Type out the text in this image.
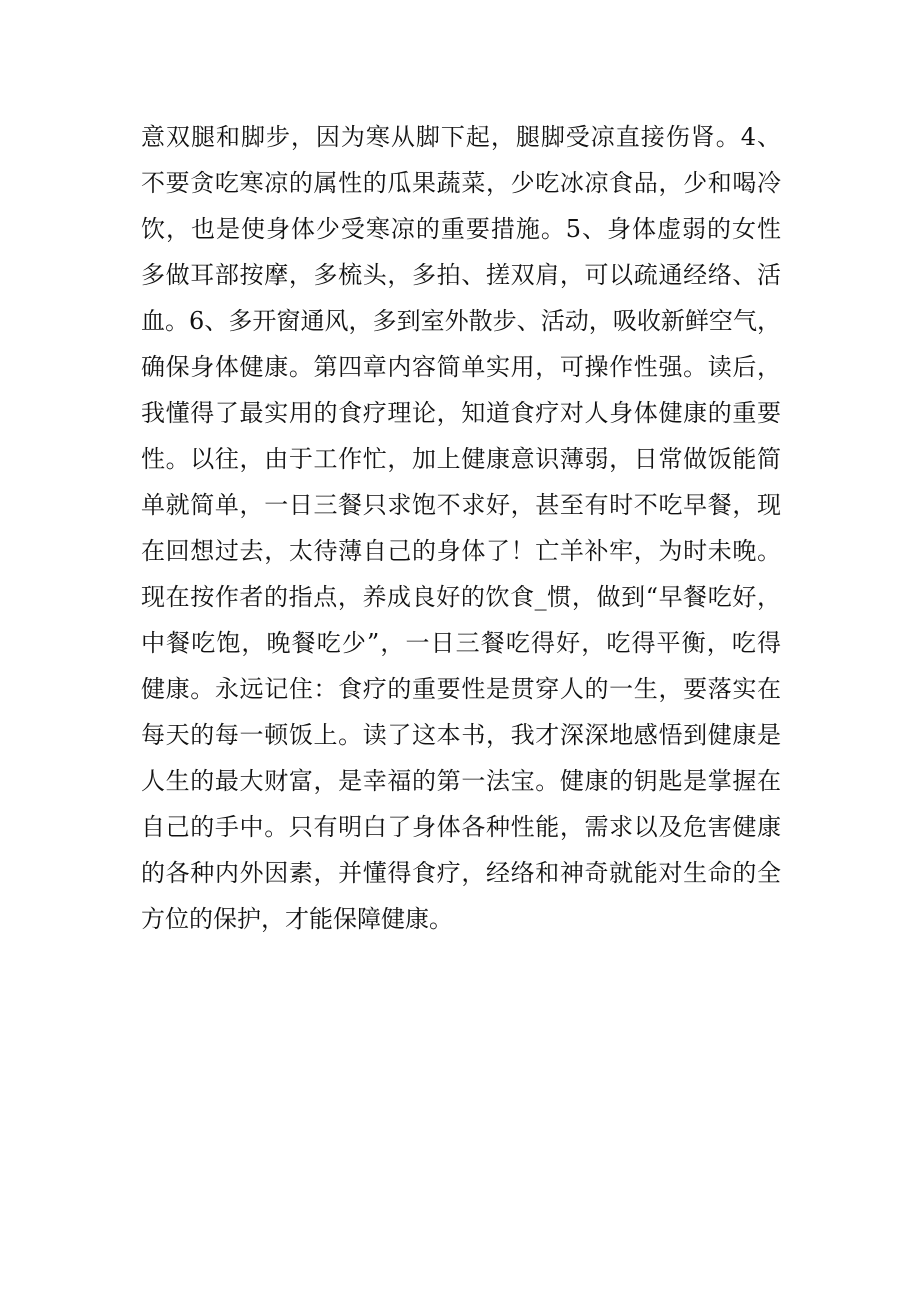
意双腿和脚步，因为寒从脚下起，腿脚受凉直接伤肾。4、
不要贪吃寒凉的属性的瓜果蔬菜，少吃冰凉食品，少和喝冷
饮，也是使身体少受寒凉的重要措施。5、身体虚弱的女性
多做耳部按摩，多梳头，多拍、搓双肩，可以疏通经络、活
血。6、多开窗通风，多到室外散步、活动，吸收新鲜空气，
确保身体健康。第四章内容简单实用，可操作性强。读后，
我懂得了最实用的食疗理论，知道食疗对人身体健康的重要
性。以往，由于工作忙，加上健康意识薄弱，日常做饭能简
单就简单，一日三餐只求饱不求好，甚至有时不吃早餐，现
在回想过去，太待薄自己的身体了！亡羊补牢，为时未晚。
现在按作者的指点，养成良好的饮食_惯，做到“早餐吃好，
中餐吃饱，晚餐吃少”，一日三餐吃得好，吃得平衡，吃得
健康。永远记住：食疗的重要性是贯穿人的一生，要落实在
每天的每一顿饭上。读了这本书，我才深深地感悟到健康是
人生的最大财富，是幸福的第一法宝。健康的钥匙是掌握在
自己的手中。只有明白了身体各种性能，需求以及危害健康
的各种内外因素，并懂得食疗，经络和神奇就能对生命的全
方位的保护，才能保障健康。
